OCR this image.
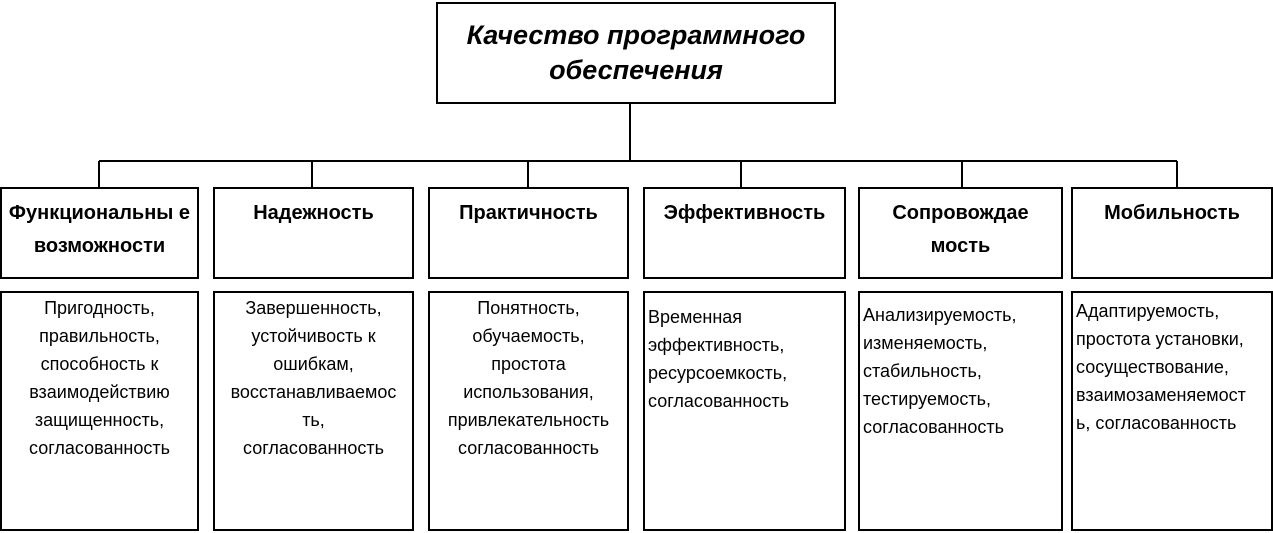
Качество программного обеспечения
Функциональны е возможности
Надежность	Практичность	Эффективность	Сопровождае мость
Мобильность
Пригодность,
правильность,
способность к
взаимодействию
защищенность,
согласованность
Завершенность,
устойчивость к
ошибкам,
восстанавливаемос
ть,
согласованность
Понятность,
обучаемость,
простота
использования,
привлекательность
согласованность
Временная
эффективность,
ресурсоемкость,
согласованность
Анализируемость,
изменяемость,
стабильность,
тестируемость,
согласованность
Адаптируемость,
простота установки,
сосуществование,
взаимозаменяемост
ь, согласованность
